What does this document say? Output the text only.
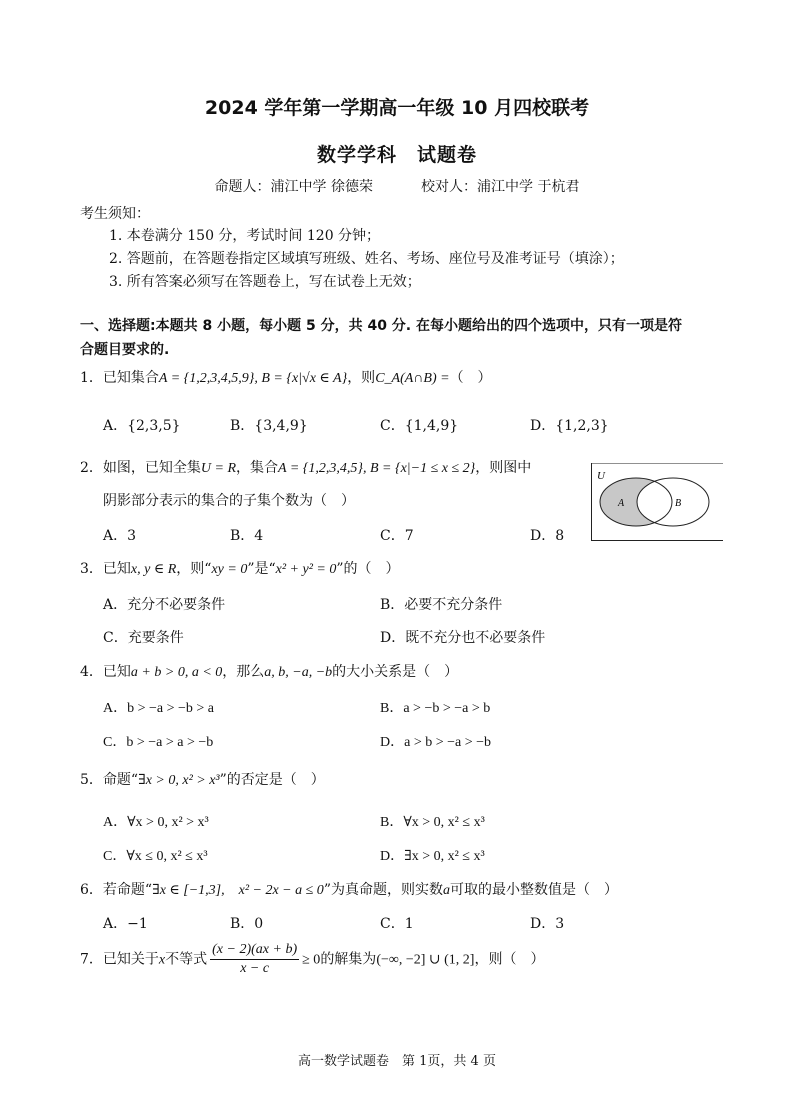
2024 学年第一学期高一年级 10 月四校联考
数学学科　试题卷
命题人：浦江中学 徐德荣	校对人：浦江中学 于杭君
考生须知：
1. 本卷满分 150 分，考试时间 120 分钟；
2. 答题前，在答题卷指定区域填写班级、姓名、考场、座位号及准考证号（填涂）；
3. 所有答案必须写在答题卷上，写在试卷上无效；
一、选择题:本题共 8 小题，每小题 5 分，共 40 分. 在每小题给出的四个选项中，只有一项是符
合题目要求的.
1．已知集合A = {1,2,3,4,5,9}, B = {x|√x ∈ A}，则C_A(A∩B) =（　）
A．{2,3,5}	B．{3,4,9}	C．{1,4,9}	D．{1,2,3}
2．如图，已知全集U = R，集合A = {1,2,3,4,5}, B = {x|−1 ≤ x ≤ 2}，则图中
阴影部分表示的集合的子集个数为（　）
A．3	B．4	C．7	D．8
U
A	B
3．已知x, y ∈ R，则“xy = 0”是“x² + y² = 0”的（　）
A．充分不必要条件	B．必要不充分条件
C．充要条件	D．既不充分也不必要条件
4．已知a + b > 0, a < 0，那么a, b, −a, −b的大小关系是（　）
A．b > −a > −b > a	B．a > −b > −a > b
C．b > −a > a > −b	D．a > b > −a > −b
5．命题“∃x > 0, x² > x³”的否定是（　）
A．∀x > 0, x² > x³	B．∀x > 0, x² ≤ x³
C．∀x ≤ 0, x² ≤ x³	D．∃x > 0, x² ≤ x³
6．若命题“∃x ∈ [−1,3],　x² − 2x − a ≤ 0”为真命题，则实数a可取的最小整数值是（　）
A．−1	B．0	C．1	D．3
7．已知关于x不等式 $\frac{(x - 2)(ax + b)}{x - c} \ge 0$的解集为(−∞, −2] ∪ (1, 2]，则（　）
高一数学试题卷　第 1页，共 4 页
